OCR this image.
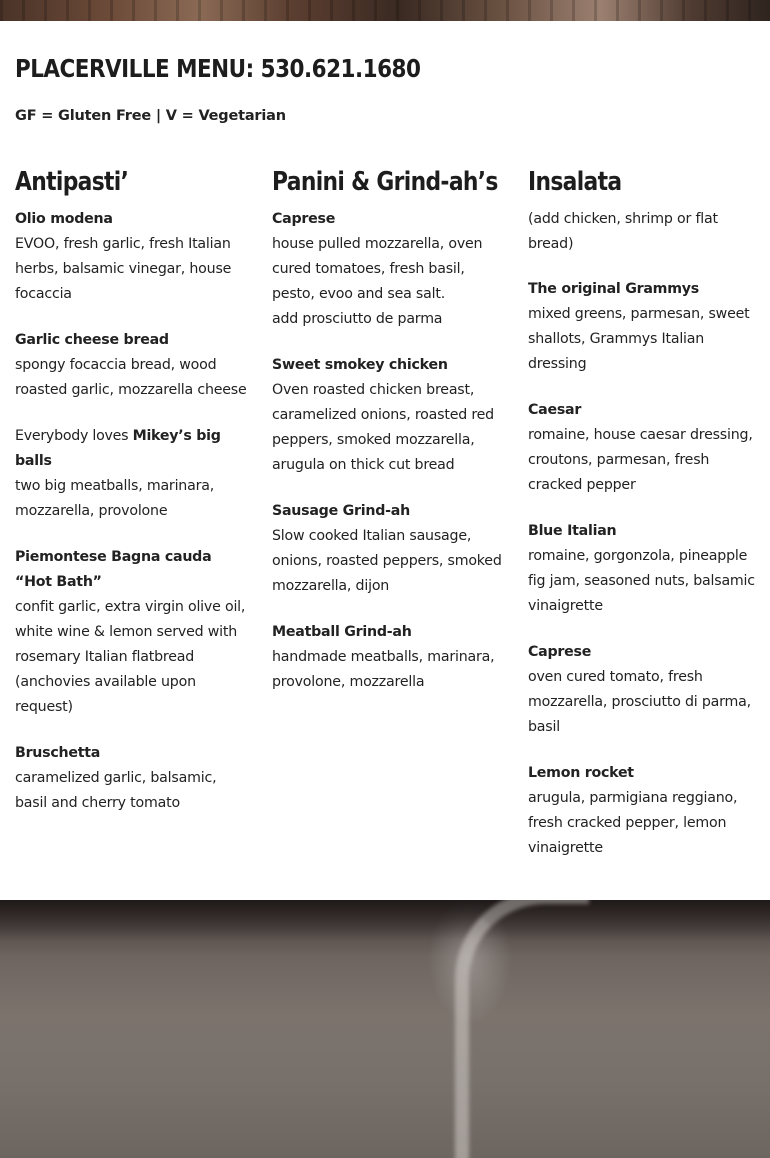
PLACERVILLE MENU: 530.621.1680

GF = Gluten Free | V = Vegetarian

Antipasti’
Olio modena
EVOO, fresh garlic, fresh Italian herbs, balsamic vinegar, house focaccia
Garlic cheese bread
spongy focaccia bread, wood roasted garlic, mozzarella cheese
Everybody loves Mikey’s big balls
two big meatballs, marinara, mozzarella, provolone
Piemontese Bagna cauda “Hot Bath”
confit garlic, extra virgin olive oil, white wine & lemon served with rosemary Italian flatbread (anchovies available upon request)
Bruschetta
caramelized garlic, balsamic, basil and cherry tomato
Panini & Grind-ah’s
Caprese
house pulled mozzarella, oven cured tomatoes, fresh basil, pesto, evoo and sea salt.
add prosciutto de parma
Sweet smokey chicken
Oven roasted chicken breast, caramelized onions, roasted red peppers, smoked mozzarella, arugula on thick cut bread
Sausage Grind-ah
Slow cooked Italian sausage, onions, roasted peppers, smoked mozzarella, dijon
Meatball Grind-ah
handmade meatballs, marinara, provolone, mozzarella
Insalata

(add chicken, shrimp or flat bread)

The original Grammys
mixed greens, parmesan, sweet shallots, Grammys Italian dressing
Caesar
romaine, house caesar dressing, croutons, parmesan, fresh cracked pepper
Blue Italian
romaine, gorgonzola, pineapple fig jam, seasoned nuts, balsamic vinaigrette
Caprese
oven cured tomato, fresh mozzarella, prosciutto di parma, basil
Lemon rocket
arugula, parmigiana reggiano, fresh cracked pepper, lemon vinaigrette
